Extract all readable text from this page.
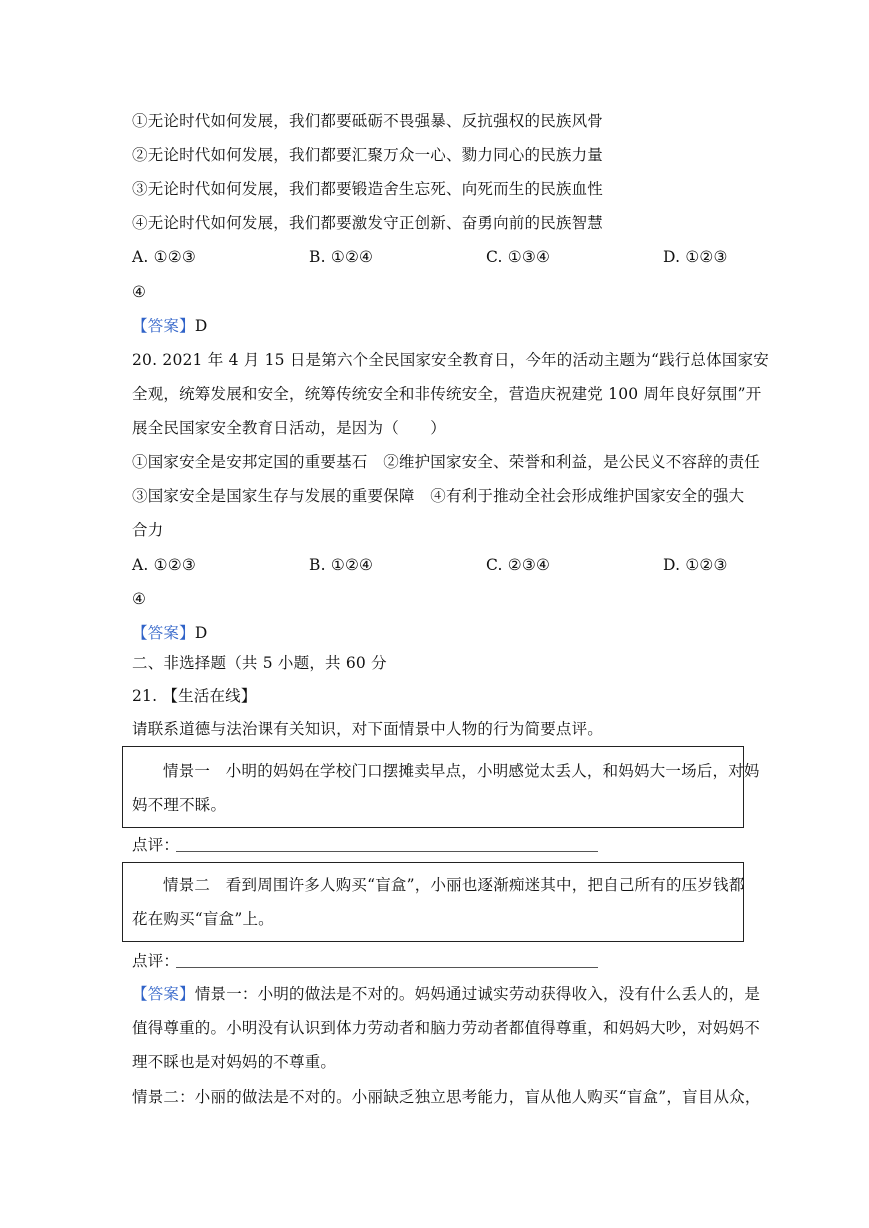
①无论时代如何发展，我们都要砥砺不畏强暴、反抗强权的民族风骨
②无论时代如何发展，我们都要汇聚万众一心、勠力同心的民族力量
③无论时代如何发展，我们都要锻造舍生忘死、向死而生的民族血性
④无论时代如何发展，我们都要激发守正创新、奋勇向前的民族智慧
A. ①②③	B. ①②④	C. ①③④	D. ①②③
④
【答案】D
20. 2021 年 4 月 15 日是第六个全民国家安全教育日，今年的活动主题为“践行总体国家安
全观，统筹发展和安全，统筹传统安全和非传统安全，营造庆祝建党 100 周年良好氛围”开
展全民国家安全教育日活动，是因为（　　）
①国家安全是安邦定国的重要基石　②维护国家安全、荣誉和利益，是公民义不容辞的责任
③国家安全是国家生存与发展的重要保障　④有利于推动全社会形成维护国家安全的强大
合力
A. ①②③	B. ①②④	C. ②③④	D. ①②③
④
【答案】D
二、非选择题（共 5 小题，共 60 分
21. 【生活在线】
请联系道德与法治课有关知识，对下面情景中人物的行为简要点评。
情景一　小明的妈妈在学校门口摆摊卖早点，小明感觉太丢人，和妈妈大一场后，对妈
妈不理不睬。
点评：
情景二　看到周围许多人购买“盲盒”，小丽也逐渐痴迷其中，把自己所有的压岁钱都
花在购买“盲盒”上。
点评：
【答案】情景一：小明的做法是不对的。妈妈通过诚实劳动获得收入，没有什么丢人的，是
值得尊重的。小明没有认识到体力劳动者和脑力劳动者都值得尊重，和妈妈大吵，对妈妈不
理不睬也是对妈妈的不尊重。
情景二：小丽的做法是不对的。小丽缺乏独立思考能力，盲从他人购买“盲盒”，盲目从众，
